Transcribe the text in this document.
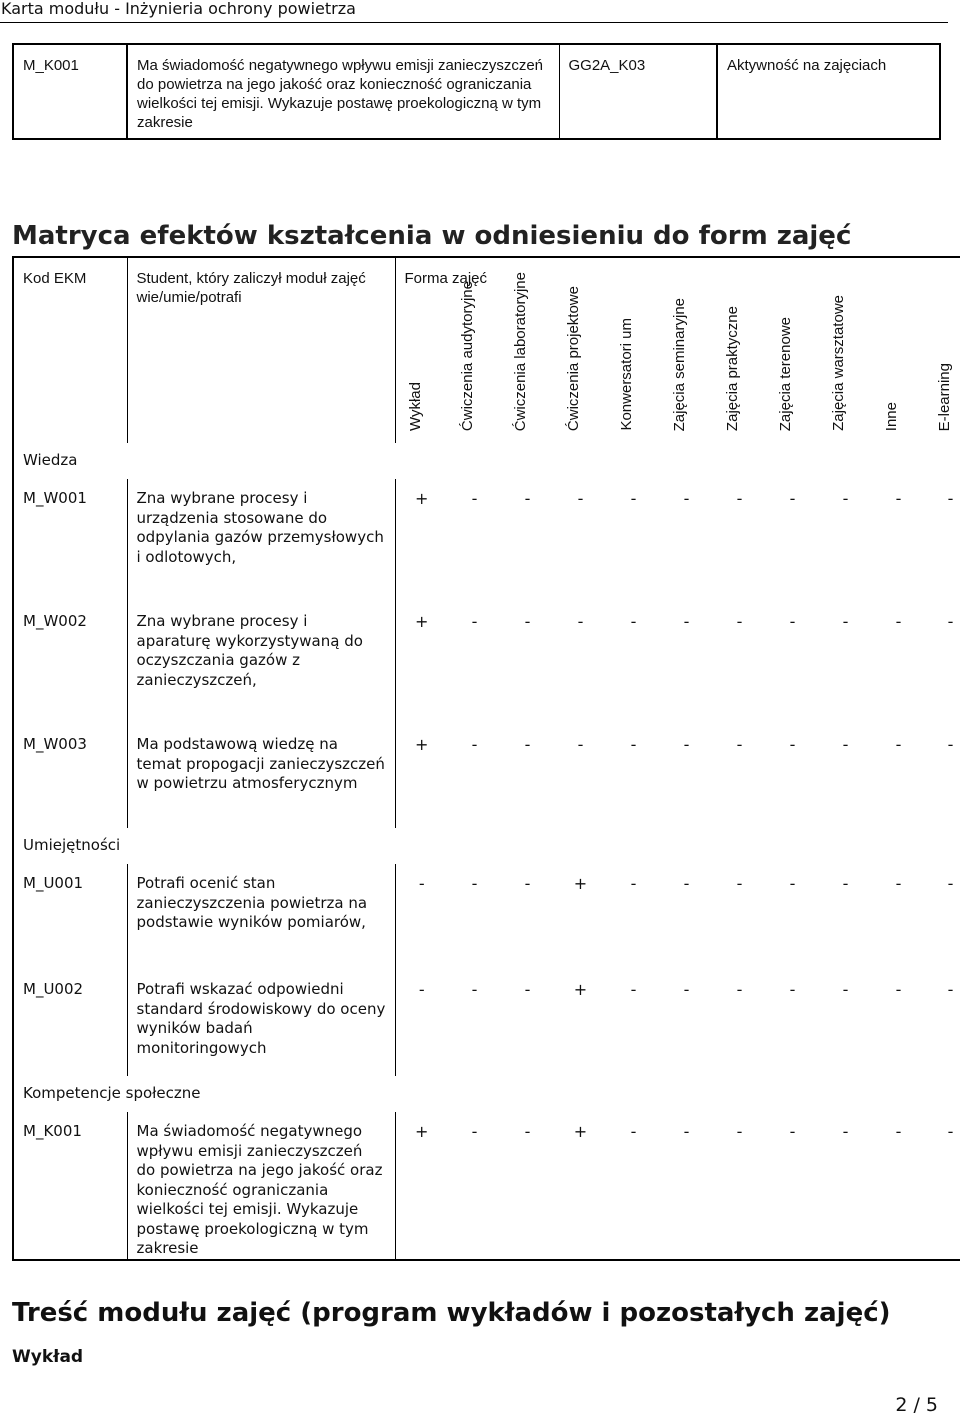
Karta modułu - Inżynieria ochrony powietrza
M_K001	Ma świadomość negatywnego wpływu emisji zanieczyszczeń do powietrza na jego jakość oraz konieczność ograniczania wielkości tej emisji. Wykazuje postawę proekologiczną w tym zakresie	GG2A_K03	Aktywność na zajęciach
Matryca efektów kształcenia w odniesieniu do form zajęć
Kod EKM	Student, który zaliczył moduł zajęć wie/umie/potrafi	Forma zajęć										

		Wykład	Ćwiczenia audytoryjne	Ćwiczenia laboratoryjne	Ćwiczenia projektowe	Konwersatori um	Zajęcia seminaryjne	Zajęcia praktyczne	Zajęcia terenowe	Zajęcia warsztatowe	Inne	E-learning

Wiedza												
M_W001	Zna wybrane procesy i urządzenia stosowane do odpylania gazów przemysłowych i odlotowych,	+	-	-	-	-	-	-	-	-	-	-
M_W002	Zna wybrane procesy i aparaturę wykorzystywaną do oczyszczania gazów z zanieczyszczeń,	+	-	-	-	-	-	-	-	-	-	-
M_W003	Ma podstawową wiedzę na temat propogacji zanieczyszczeń w powietrzu atmosferycznym	+	-	-	-	-	-	-	-	-	-	-
Umiejętności												
M_U001	Potrafi ocenić stan zanieczyszczenia powietrza na podstawie wyników pomiarów,	-	-	-	+	-	-	-	-	-	-	-
M_U002	Potrafi wskazać odpowiedni standard środowiskowy do oceny wyników badań monitoringowych	-	-	-	+	-	-	-	-	-	-	-
Kompetencje społeczne												
M_K001	Ma świadomość negatywnego wpływu emisji zanieczyszczeń do powietrza na jego jakość oraz konieczność ograniczania wielkości tej emisji. Wykazuje postawę proekologiczną w tym zakresie	+	-	-	+	-	-	-	-	-	-	-
Treść modułu zajęć (program wykładów i pozostałych zajęć)
Wykład
2 / 5
